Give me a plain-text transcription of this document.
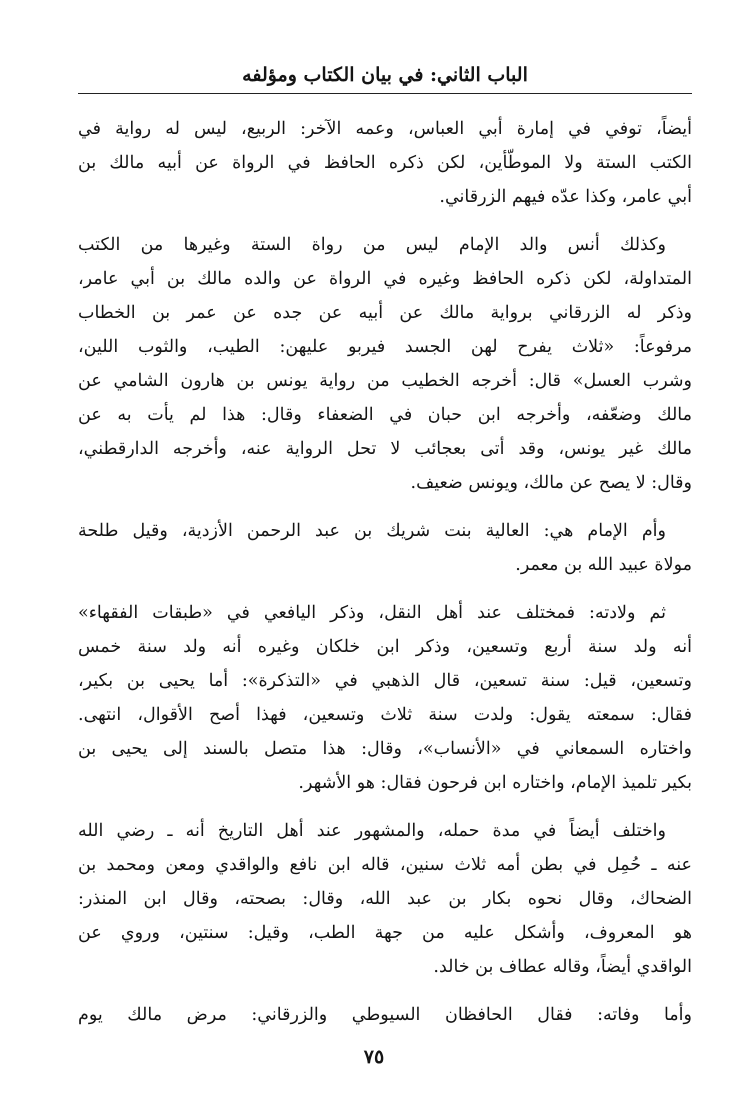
الباب الثاني: في بيان الكتاب ومؤلفه
أيضاً، توفي في إمارة أبي العباس، وعمه الآخر: الربيع، ليس له رواية في
الكتب الستة ولا الموطّأين، لكن ذكره الحافظ في الرواة عن أبيه مالك بن
أبي عامر، وكذا عدّه فيهم الزرقاني.
وكذلك أنس والد الإمام ليس من رواة الستة وغيرها من الكتب
المتداولة، لكن ذكره الحافظ وغيره في الرواة عن والده مالك بن أبي عامر،
وذكر له الزرقاني برواية مالك عن أبيه عن جده عن عمر بن الخطاب
مرفوعاً: «ثلاث يفرح لهن الجسد فيربو عليهن: الطيب، والثوب اللين،
وشرب العسل» قال: أخرجه الخطيب من رواية يونس بن هارون الشامي عن
مالك وضعّفه، وأخرجه ابن حبان في الضعفاء وقال: هذا لم يأت به عن
مالك غير يونس، وقد أتى بعجائب لا تحل الرواية عنه، وأخرجه الدارقطني،
وقال: لا يصح عن مالك، ويونس ضعيف.
وأم الإمام هي: العالية بنت شريك بن عبد الرحمن الأزدية، وقيل طلحة
مولاة عبيد الله بن معمر.
ثم ولادته: فمختلف عند أهل النقل، وذكر اليافعي في «طبقات الفقهاء»
أنه ولد سنة أربع وتسعين، وذكر ابن خلكان وغيره أنه ولد سنة خمس
وتسعين، قيل: سنة تسعين، قال الذهبي في «التذكرة»: أما يحيى بن بكير،
فقال: سمعته يقول: ولدت سنة ثلاث وتسعين، فهذا أصح الأقوال، انتهى.
واختاره السمعاني في «الأنساب»، وقال: هذا متصل بالسند إلى يحيى بن
بكير تلميذ الإمام، واختاره ابن فرحون فقال: هو الأشهر.
واختلف أيضاً في مدة حمله، والمشهور عند أهل التاريخ أنه ـ رضي الله
عنه ـ حُمِل في بطن أمه ثلاث سنين، قاله ابن نافع والواقدي ومعن ومحمد بن
الضحاك، وقال نحوه بكار بن عبد الله، وقال: بصحته، وقال ابن المنذر:
هو المعروف، وأشكل عليه من جهة الطب، وقيل: سنتين، وروي عن
الواقدي أيضاً، وقاله عطاف بن خالد.
وأما وفاته: فقال الحافظان السيوطي والزرقاني: مرض مالك يوم
٧٥
